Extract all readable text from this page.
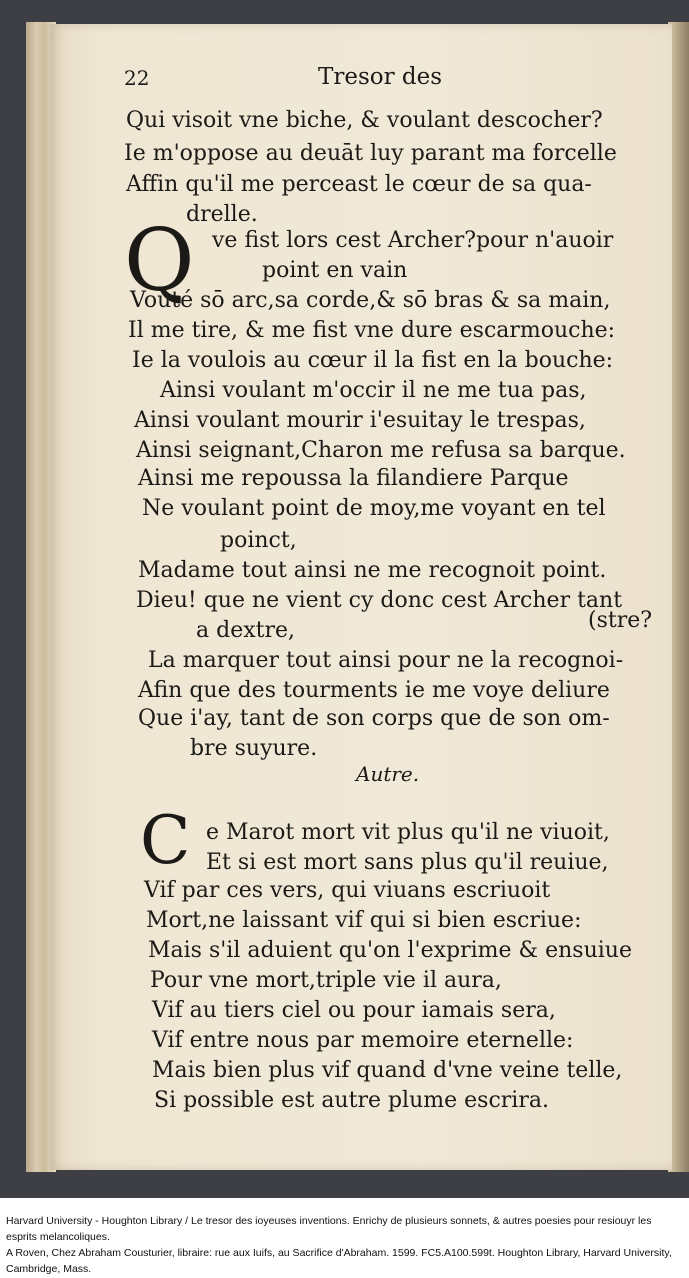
22	Tresor des
Qui visoit vne biche, & voulant descocher?
Ie m'oppose au deuāt luy parant ma forcelle
Affin qu'il me perceast le cœur de sa qua-
drelle.
Q ve fist lors cest Archer?pour n'auoir
point en vain
Vouté sō arc,sa corde,& sō bras & sa main,
Il me tire, & me fist vne dure escarmouche:
Ie la voulois au cœur il la fist en la bouche:
Ainsi voulant m'occir il ne me tua pas,
Ainsi voulant mourir i'esuitay le trespas,
Ainsi seignant,Charon me refusa sa barque.
Ainsi me repoussa la filandiere Parque
Ne voulant point de moy,me voyant en tel
poinct,
Madame tout ainsi ne me recognoit point.
Dieu! que ne vient cy donc cest Archer tant
a dextre,	(stre?
La marquer tout ainsi pour ne la recognoi-
Afin que des tourments ie me voye deliure
Que i'ay, tant de son corps que de son om-
bre suyure.
Autre.
C e Marot mort vit plus qu'il ne viuoit,
Et si est mort sans plus qu'il reuiue,
Vif par ces vers, qui viuans escriuoit
Mort,ne laissant vif qui si bien escriue:
Mais s'il aduient qu'on l'exprime & ensuiue
Pour vne mort,triple vie il aura,
Vif au tiers ciel ou pour iamais sera,
Vif entre nous par memoire eternelle:
Mais bien plus vif quand d'vne veine telle,
Si possible est autre plume escrira.
Harvard University - Houghton Library / Le tresor des ioyeuses inventions. Enrichy de plusieurs sonnets, & autres poesies pour resiouyr les esprits melancoliques.
A Roven, Chez Abraham Cousturier, libraire: rue aux Iuifs, au Sacrifice d'Abraham. 1599. FC5.A100.599t. Houghton Library, Harvard University, Cambridge, Mass.
